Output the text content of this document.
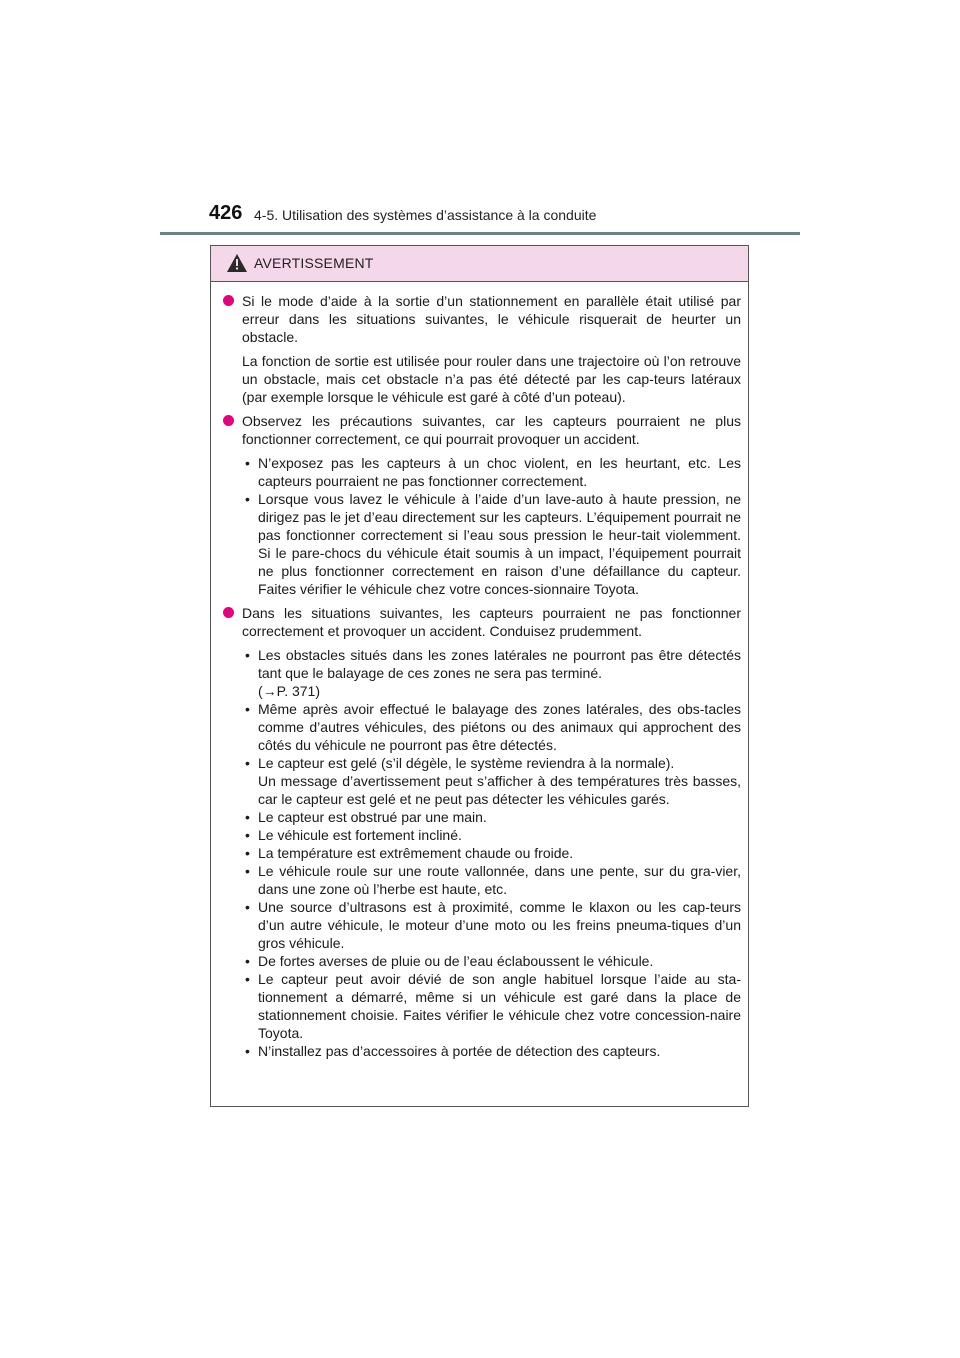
426 4-5. Utilisation des systèmes d’assistance à la conduite
AVERTISSEMENT

Si le mode d’aide à la sortie d’un stationnement en parallèle était utilisé par erreur dans les situations suivantes, le véhicule risquerait de heurter un obstacle.

La fonction de sortie est utilisée pour rouler dans une trajectoire où l’on retrouve un obstacle, mais cet obstacle n’a pas été détecté par les cap-teurs latéraux (par exemple lorsque le véhicule est garé à côté d’un poteau).

Observez les précautions suivantes, car les capteurs pourraient ne plus fonctionner correctement, ce qui pourrait provoquer un accident.

• N’exposez pas les capteurs à un choc violent, en les heurtant, etc. Les capteurs pourraient ne pas fonctionner correctement.
• Lorsque vous lavez le véhicule à l’aide d’un lave-auto à haute pression, ne dirigez pas le jet d’eau directement sur les capteurs. L’équipement pourrait ne pas fonctionner correctement si l’eau sous pression le heur-tait violemment. Si le pare-chocs du véhicule était soumis à un impact, l’équipement pourrait ne plus fonctionner correctement en raison d’une défaillance du capteur. Faites vérifier le véhicule chez votre conces-sionnaire Toyota.

Dans les situations suivantes, les capteurs pourraient ne pas fonctionner correctement et provoquer un accident. Conduisez prudemment.

• Les obstacles situés dans les zones latérales ne pourront pas être détectés tant que le balayage de ces zones ne sera pas terminé.
(→P. 371)
• Même après avoir effectué le balayage des zones latérales, des obs-tacles comme d’autres véhicules, des piétons ou des animaux qui approchent des côtés du véhicule ne pourront pas être détectés.
• Le capteur est gelé (s’il dégèle, le système reviendra à la normale).
Un message d’avertissement peut s’afficher à des températures très basses, car le capteur est gelé et ne peut pas détecter les véhicules garés.
• Le capteur est obstrué par une main.
• Le véhicule est fortement incliné.
• La température est extrêmement chaude ou froide.
• Le véhicule roule sur une route vallonnée, dans une pente, sur du gra-vier, dans une zone où l’herbe est haute, etc.
• Une source d’ultrasons est à proximité, comme le klaxon ou les cap-teurs d’un autre véhicule, le moteur d’une moto ou les freins pneuma-tiques d’un gros véhicule.
• De fortes averses de pluie ou de l’eau éclaboussent le véhicule.
• Le capteur peut avoir dévié de son angle habituel lorsque l’aide au sta-tionnement a démarré, même si un véhicule est garé dans la place de stationnement choisie. Faites vérifier le véhicule chez votre concession-naire Toyota.
• N’installez pas d’accessoires à portée de détection des capteurs.
